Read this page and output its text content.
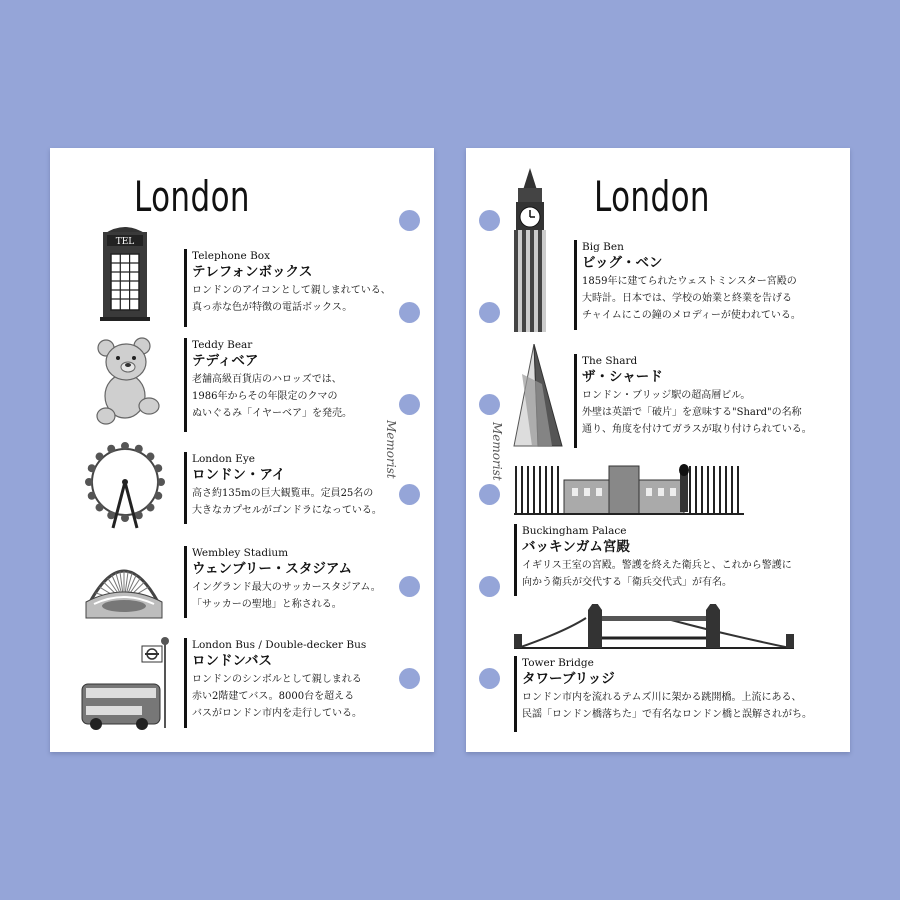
London
Memorist
TEL
Telephone Box
テレフォンボックス
ロンドンのアイコンとして親しまれている、
真っ赤な色が特徴の電話ボックス。
Teddy Bear
テディベア
老舗高級百貨店のハロッズでは、
1986年からその年限定のクマの
ぬいぐるみ「イヤーベア」を発売。
London Eye
ロンドン・アイ
高さ約135mの巨大観覧車。定員25名の
大きなカプセルがゴンドラになっている。
Wembley Stadium
ウェンブリー・スタジアム
イングランド最大のサッカースタジアム。
「サッカーの聖地」と称される。
London Bus / Double-decker Bus
ロンドンバス
ロンドンのシンボルとして親しまれる
赤い2階建てバス。8000台を超える
バスがロンドン市内を走行している。
London
Memorist
Big Ben
ビッグ・ベン
1859年に建てられたウェストミンスター宮殿の
大時計。日本では、学校の始業と終業を告げる
チャイムにこの鐘のメロディーが使われている。
The Shard
ザ・シャード
ロンドン・ブリッジ駅の超高層ビル。
外壁は英語で「破片」を意味する"Shard"の名称
通り、角度を付けてガラスが取り付けられている。
Buckingham Palace
バッキンガム宮殿
イギリス王室の宮殿。警護を終えた衛兵と、これから警護に
向かう衛兵が交代する「衛兵交代式」が有名。
Tower Bridge
タワーブリッジ
ロンドン市内を流れるテムズ川に架かる跳開橋。上流にある、
民謡「ロンドン橋落ちた」で有名なロンドン橋と誤解されがち。
